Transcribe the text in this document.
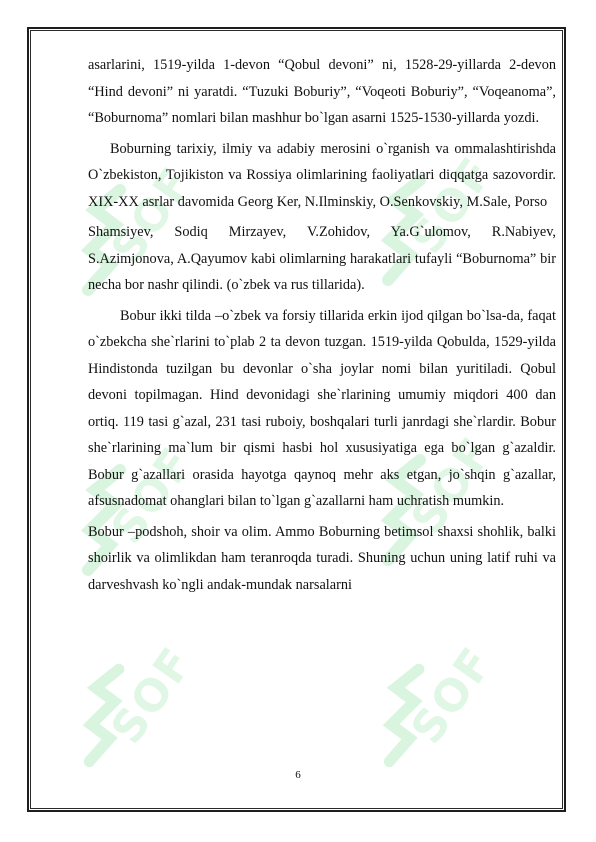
SOF	SOF
SOF	SOF
SOF	SOF

asarlarini, 1519-yilda 1-devon “Qobul devoni” ni, 1528-29-yillarda 2-devon “Hind devoni” ni yaratdi. “Tuzuki Boburiy”, “Voqeoti Boburiy”, “Voqeanoma”, “Boburnoma” nomlari bilan mashhur bo`lgan asarni 1525-1530-yillarda yozdi.

Boburning tarixiy, ilmiy va adabiy merosini o`rganish va ommalashtirishda O`zbekiston, Tojikiston va Rossiya olimlarining faoliyatlari diqqatga sazovordir. XIX-XX asrlar davomida Georg Ker, N.Ilminskiy, O.Senkovskiy, M.Sale, Porso

Shamsiyev, Sodiq Mirzayev, V.Zohidov, Ya.G`ulomov, R.Nabiyev, S.Azimjonova, A.Qayumov kabi olimlarning harakatlari tufayli “Boburnoma” bir necha bor nashr qilindi. (o`zbek va rus tillarida).

Bobur ikki tilda –o`zbek va forsiy tillarida erkin ijod qilgan bo`lsa-da, faqat o`zbekcha she`rlarini to`plab 2 ta devon tuzgan. 1519-yilda Qobulda, 1529-yilda Hindistonda tuzilgan bu devonlar o`sha joylar nomi bilan yuritiladi. Qobul devoni topilmagan. Hind devonidagi she`rlarining umumiy miqdori 400 dan ortiq. 119 tasi g`azal, 231 tasi ruboiy, boshqalari turli janrdagi she`rlardir. Bobur she`rlarining ma`lum bir qismi hasbi hol xususiyatiga ega bo`lgan g`azaldir. Bobur g`azallari orasida hayotga qaynoq mehr aks etgan, jo`shqin g`azallar, afsusnadomat ohanglari bilan to`lgan g`azallarni ham uchratish mumkin.

Bobur –podshoh, shoir va olim. Ammo Boburning betimsol shaxsi shohlik, balki shoirlik va olimlikdan ham teranroqda turadi. Shuning uchun uning latif ruhi va darveshvash ko`ngli andak-mundak narsalarni

6
